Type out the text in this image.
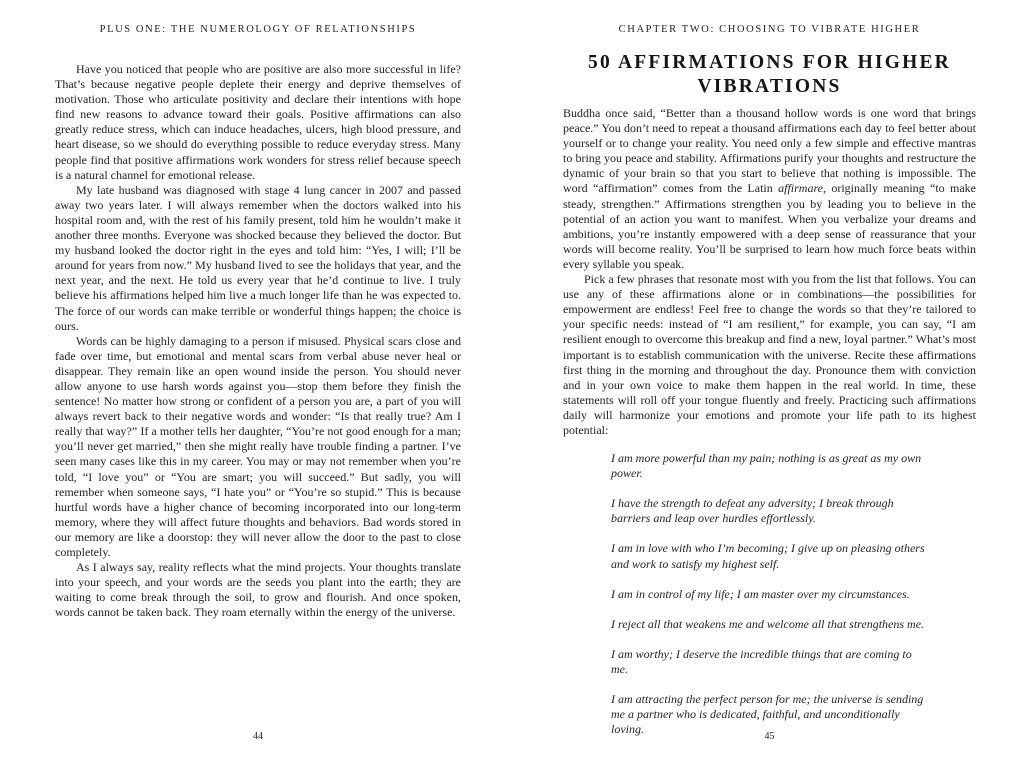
PLUS ONE: THE NUMEROLOGY OF RELATIONSHIPS

Have you noticed that people who are positive are also more successful in life? That’s because negative people deplete their energy and deprive themselves of motivation. Those who articulate positivity and declare their intentions with hope find new reasons to advance toward their goals. Positive affirmations can also greatly reduce stress, which can induce headaches, ulcers, high blood pressure, and heart disease, so we should do everything possible to reduce everyday stress. Many people find that positive affirmations work wonders for stress relief because speech is a natural channel for emotional release.

My late husband was diagnosed with stage 4 lung cancer in 2007 and passed away two years later. I will always remember when the doctors walked into his hospital room and, with the rest of his family present, told him he wouldn’t make it another three months. Everyone was shocked because they believed the doctor. But my husband looked the doctor right in the eyes and told him: “Yes, I will; I’ll be around for years from now.” My husband lived to see the holidays that year, and the next year, and the next. He told us every year that he’d continue to live. I truly believe his affirmations helped him live a much longer life than he was expected to. The force of our words can make terrible or wonderful things happen; the choice is ours.

Words can be highly damaging to a person if misused. Physical scars close and fade over time, but emotional and mental scars from verbal abuse never heal or disappear. They remain like an open wound inside the person. You should never allow anyone to use harsh words against you—stop them before they finish the sentence! No matter how strong or confident of a person you are, a part of you will always revert back to their negative words and wonder: “Is that really true? Am I really that way?” If a mother tells her daughter, “You’re not good enough for a man; you’ll never get married,” then she might really have trouble finding a partner. I’ve seen many cases like this in my career. You may or may not remember when you’re told, “I love you” or “You are smart; you will succeed.” But sadly, you will remember when someone says, “I hate you” or “You’re so stupid.” This is because hurtful words have a higher chance of becoming incorporated into our long-term memory, where they will affect future thoughts and behaviors. Bad words stored in our memory are like a doorstop: they will never allow the door to the past to close completely.

As I always say, reality reflects what the mind projects. Your thoughts translate into your speech, and your words are the seeds you plant into the earth; they are waiting to come break through the soil, to grow and flourish. And once spoken, words cannot be taken back. They roam eternally within the energy of the universe.

44
CHAPTER TWO: CHOOSING TO VIBRATE HIGHER
50 AFFIRMATIONS FOR HIGHER VIBRATIONS

Buddha once said, “Better than a thousand hollow words is one word that brings peace.” You don’t need to repeat a thousand affirmations each day to feel better about yourself or to change your reality. You need only a few simple and effective mantras to bring you peace and stability. Affirmations purify your thoughts and restructure the dynamic of your brain so that you start to believe that nothing is impossible. The word “affirmation” comes from the Latin affirmare, originally meaning “to make steady, strengthen.” Affirmations strengthen you by leading you to believe in the potential of an action you want to manifest. When you verbalize your dreams and ambitions, you’re instantly empowered with a deep sense of reassurance that your words will become reality. You’ll be surprised to learn how much force beats within every syllable you speak.

Pick a few phrases that resonate most with you from the list that follows. You can use any of these affirmations alone or in combinations—the possibilities for empowerment are endless! Feel free to change the words so that they’re tailored to your specific needs: instead of “I am resilient,” for example, you can say, “I am resilient enough to overcome this breakup and find a new, loyal partner.” What’s most important is to establish communication with the universe. Recite these affirmations first thing in the morning and throughout the day. Pronounce them with conviction and in your own voice to make them happen in the real world. In time, these statements will roll off your tongue fluently and freely. Practicing such affirmations daily will harmonize your emotions and promote your life path to its highest potential:

I am more powerful than my pain; nothing is as great as my own power.

I have the strength to defeat any adversity; I break through barriers and leap over hurdles effortlessly.

I am in love with who I’m becoming; I give up on pleasing others and work to satisfy my highest self.

I am in control of my life; I am master over my circumstances.

I reject all that weakens me and welcome all that strengthens me.

I am worthy; I deserve the incredible things that are coming to me.

I am attracting the perfect person for me; the universe is sending me a partner who is dedicated, faithful, and unconditionally loving.

45
